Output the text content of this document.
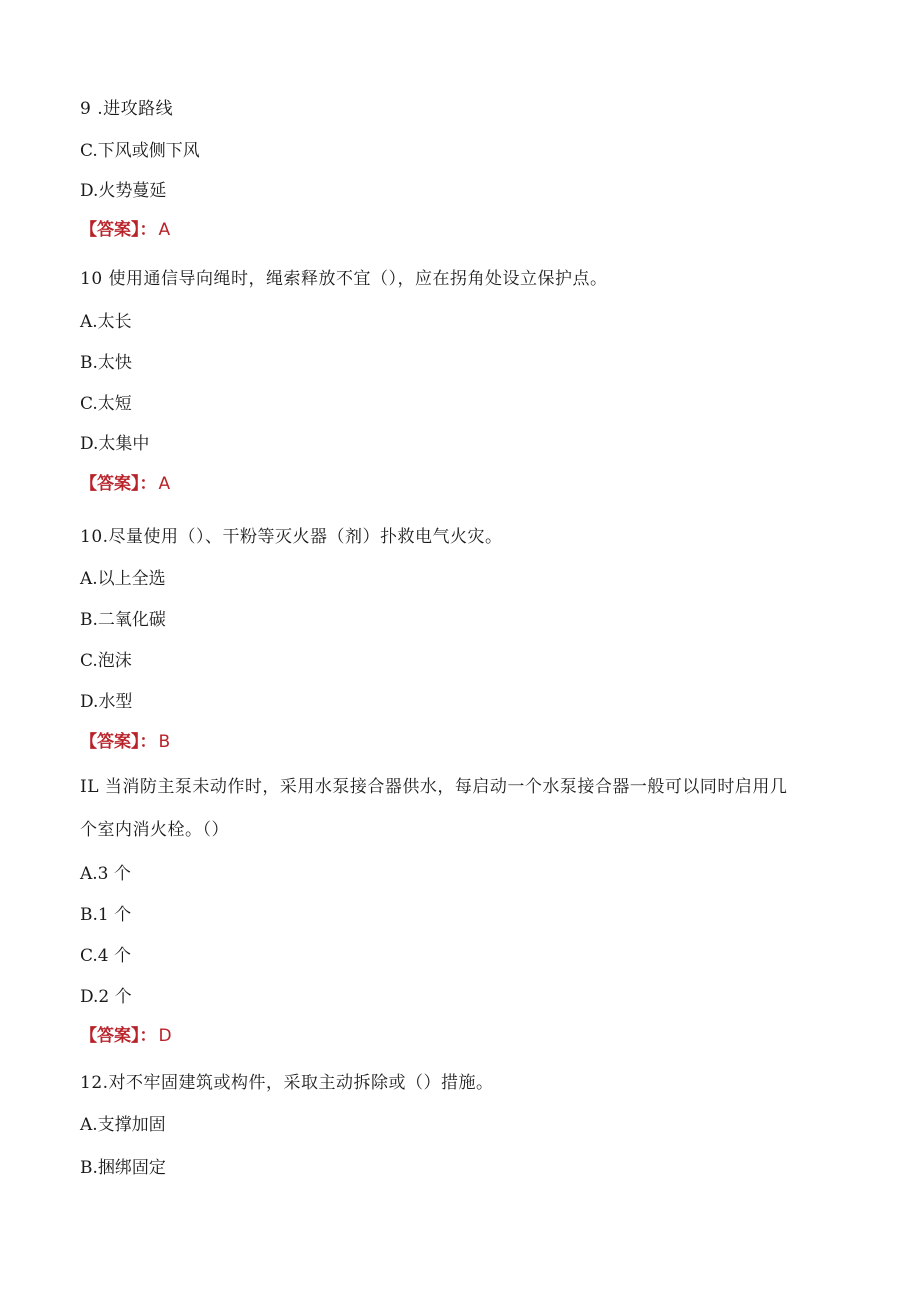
9 .进攻路线
C.下风或侧下风
D.火势蔓延
【答案】： A
10 使用通信导向绳时，绳索释放不宜（），应在拐角处设立保护点。
A.太长
B.太快
C.太短
D.太集中
【答案】： A
10.尽量使用（）、干粉等灭火器（剂）扑救电气火灾。
A.以上全选
B.二氧化碳
C.泡沫
D.水型
【答案】： B
IL 当消防主泵未动作时，采用水泵接合器供水，每启动一个水泵接合器一般可以同时启用几
个室内消火栓。（）
A.3 个
B.1 个
C.4 个
D.2 个
【答案】： D
12.对不牢固建筑或构件，采取主动拆除或（）措施。
A.支撑加固
B.捆绑固定
